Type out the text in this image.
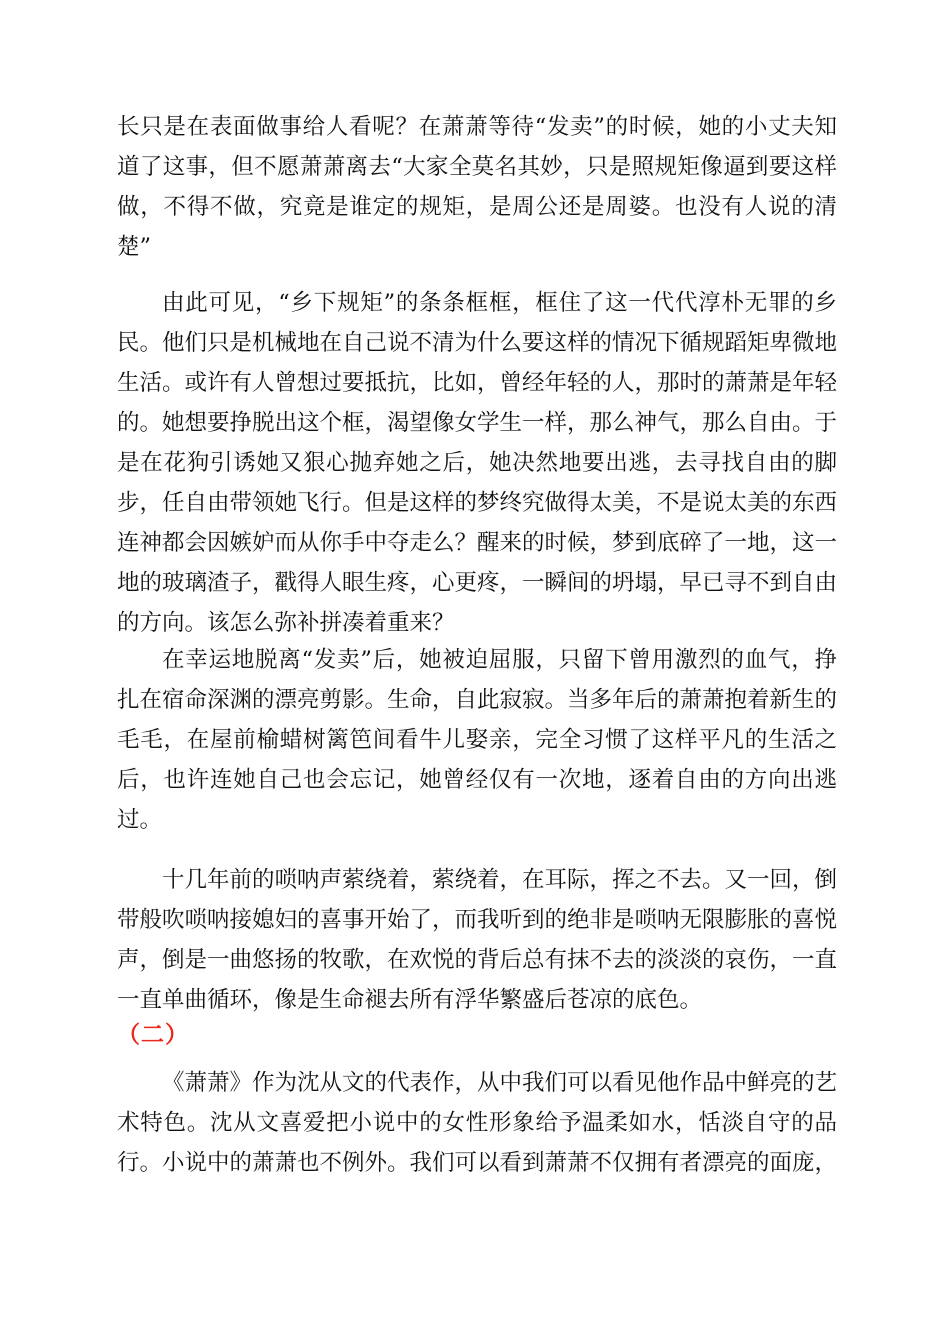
长只是在表面做事给人看呢？在萧萧等待“发卖”的时候，她的小丈夫知道了这事，但不愿萧萧离去“大家全莫名其妙，只是照规矩像逼到要这样做，不得不做，究竟是谁定的规矩，是周公还是周婆。也没有人说的清楚”

由此可见，“乡下规矩”的条条框框，框住了这一代代淳朴无罪的乡民。他们只是机械地在自己说不清为什么要这样的情况下循规蹈矩卑微地生活。或许有人曾想过要抵抗，比如，曾经年轻的人，那时的萧萧是年轻的。她想要挣脱出这个框，渴望像女学生一样，那么神气，那么自由。于是在花狗引诱她又狠心抛弃她之后，她决然地要出逃，去寻找自由的脚步，任自由带领她飞行。但是这样的梦终究做得太美，不是说太美的东西连神都会因嫉妒而从你手中夺走么？醒来的时候，梦到底碎了一地，这一地的玻璃渣子，戳得人眼生疼，心更疼，一瞬间的坍塌，早已寻不到自由的方向。该怎么弥补拼凑着重来？

在幸运地脱离“发卖”后，她被迫屈服，只留下曾用激烈的血气，挣扎在宿命深渊的漂亮剪影。生命，自此寂寂。当多年后的萧萧抱着新生的毛毛，在屋前榆蜡树篱笆间看牛儿娶亲，完全习惯了这样平凡的生活之后，也许连她自己也会忘记，她曾经仅有一次地，逐着自由的方向出逃过。

十几年前的唢呐声萦绕着，萦绕着，在耳际，挥之不去。又一回，倒带般吹唢呐接媳妇的喜事开始了，而我听到的绝非是唢呐无限膨胀的喜悦声，倒是一曲悠扬的牧歌，在欢悦的背后总有抹不去的淡淡的哀伤，一直一直单曲循环，像是生命褪去所有浮华繁盛后苍凉的底色。

（二）

《萧萧》作为沈从文的代表作，从中我们可以看见他作品中鲜亮的艺术特色。沈从文喜爱把小说中的女性形象给予温柔如水，恬淡自守的品行。小说中的萧萧也不例外。我们可以看到萧萧不仅拥有者漂亮的面庞，
